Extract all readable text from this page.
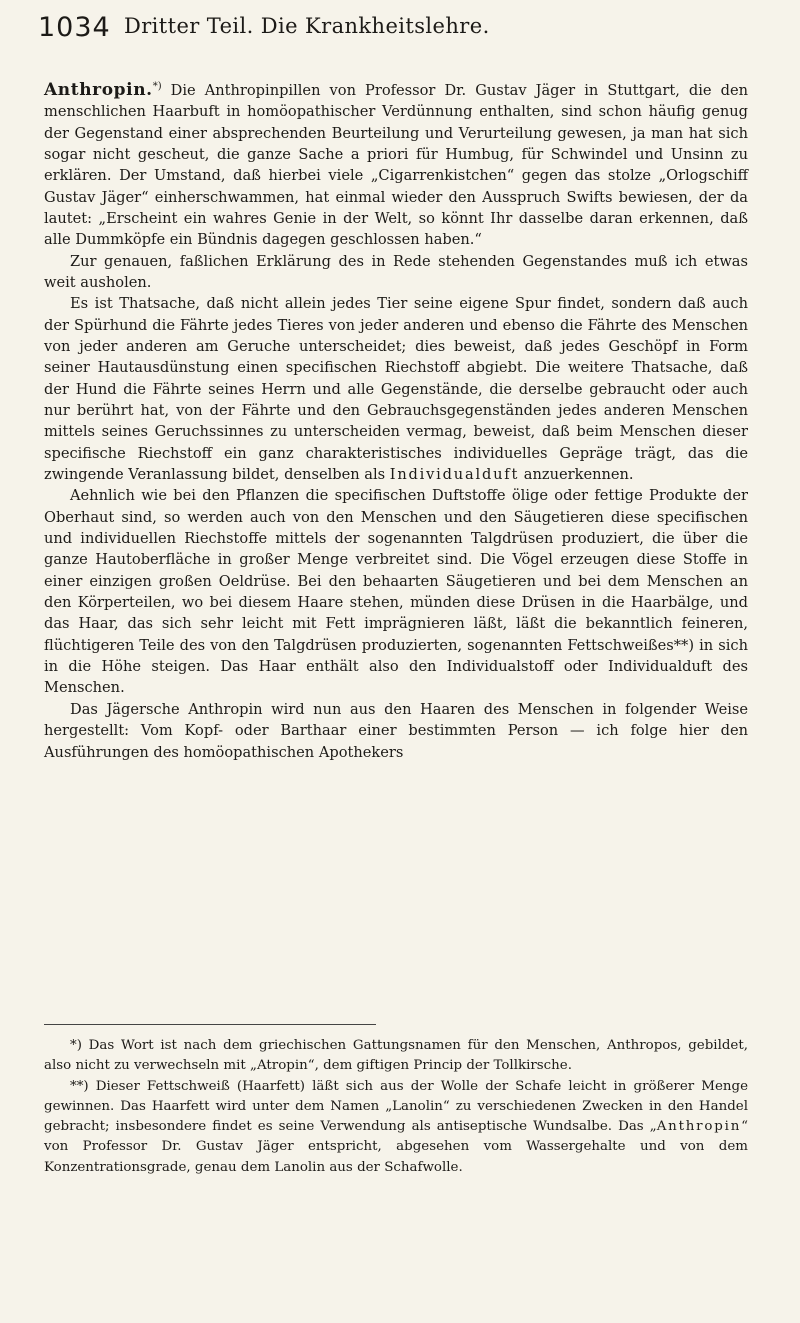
1034 Dritter Teil. Die Krankheitslehre.

Anthropin.*) Die Anthropinpillen von Professor Dr. Gustav Jäger in Stuttgart, die den menschlichen Haarbuft in homöopathischer Verdünnung enthalten, sind schon häufig genug der Gegenstand einer absprechenden Beurteilung und Verurteilung gewesen, ja man hat sich sogar nicht gescheut, die ganze Sache a priori für Humbug, für Schwindel und Unsinn zu erklären. Der Umstand, daß hierbei viele „Cigarrenkistchen“ gegen das stolze „Orlogschiff Gustav Jäger“ einherschwammen, hat einmal wieder den Ausspruch Swifts bewiesen, der da lautet: „Erscheint ein wahres Genie in der Welt, so könnt Ihr dasselbe daran erkennen, daß alle Dummköpfe ein Bündnis dagegen geschlossen haben.“

Zur genauen, faßlichen Erklärung des in Rede stehenden Gegenstandes muß ich etwas weit ausholen.

Es ist Thatsache, daß nicht allein jedes Tier seine eigene Spur findet, sondern daß auch der Spürhund die Fährte jedes Tieres von jeder anderen und ebenso die Fährte des Menschen von jeder anderen am Geruche unterscheidet; dies beweist, daß jedes Geschöpf in Form seiner Hautausdünstung einen specifischen Riechstoff abgiebt. Die weitere Thatsache, daß der Hund die Fährte seines Herrn und alle Gegenstände, die derselbe gebraucht oder auch nur berührt hat, von der Fährte und den Gebrauchsgegenständen jedes anderen Menschen mittels seines Geruchssinnes zu unterscheiden vermag, beweist, daß beim Menschen dieser specifische Riechstoff ein ganz charakteristisches individuelles Gepräge trägt, das die zwingende Veranlassung bildet, denselben als Individualduft anzuerkennen.

Aehnlich wie bei den Pflanzen die specifischen Duftstoffe ölige oder fettige Produkte der Oberhaut sind, so werden auch von den Menschen und den Säugetieren diese specifischen und individuellen Riechstoffe mittels der sogenannten Talgdrüsen produziert, die über die ganze Hautoberfläche in großer Menge verbreitet sind. Die Vögel erzeugen diese Stoffe in einer einzigen großen Oeldrüse. Bei den behaarten Säugetieren und bei dem Menschen an den Körperteilen, wo bei diesem Haare stehen, münden diese Drüsen in die Haarbälge, und das Haar, das sich sehr leicht mit Fett imprägnieren läßt, läßt die bekanntlich feineren, flüchtigeren Teile des von den Talgdrüsen produzierten, sogenannten Fettschweißes**) in sich in die Höhe steigen. Das Haar enthält also den Individualstoff oder Individualduft des Menschen.

Das Jägersche Anthropin wird nun aus den Haaren des Menschen in folgender Weise hergestellt: Vom Kopf- oder Barthaar einer bestimmten Person — ich folge hier den Ausführungen des homöopathischen Apothekers

*) Das Wort ist nach dem griechischen Gattungsnamen für den Menschen, Anthropos, gebildet, also nicht zu verwechseln mit „Atropin“, dem giftigen Princip der Tollkirsche.

**) Dieser Fettschweiß (Haarfett) läßt sich aus der Wolle der Schafe leicht in größerer Menge gewinnen. Das Haarfett wird unter dem Namen „Lanolin“ zu verschiedenen Zwecken in den Handel gebracht; insbesondere findet es seine Verwendung als antiseptische Wundsalbe. Das „Anthropin“ von Professor Dr. Gustav Jäger entspricht, abgesehen vom Wassergehalte und von dem Konzentrationsgrade, genau dem Lanolin aus der Schafwolle.
